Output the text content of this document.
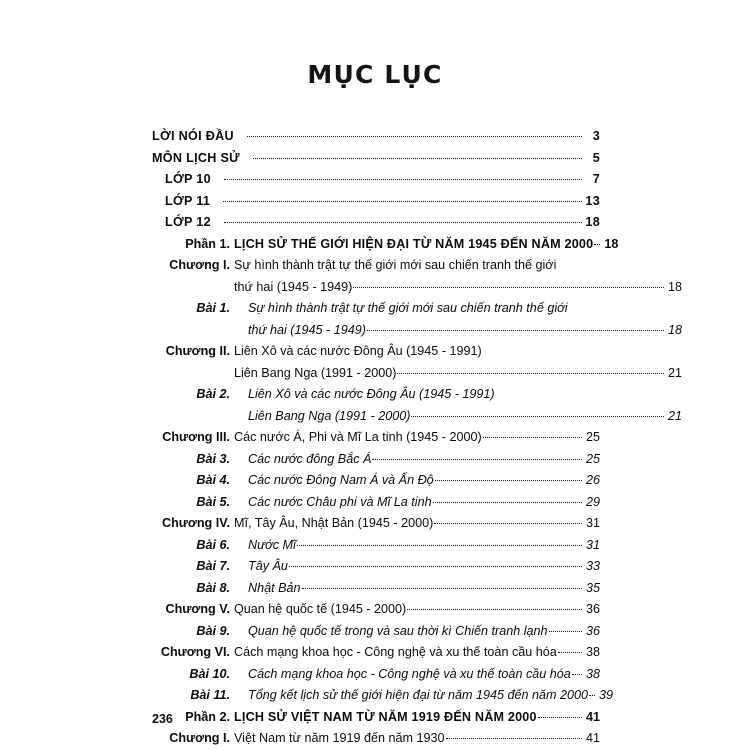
MỤC LỤC
LỜI NÓI ĐẦU	3
MÔN LỊCH SỬ	5
LỚP 10	7
LỚP 11	13
LỚP 12	18
Phần 1. LỊCH SỬ THẾ GIỚI HIỆN ĐẠI TỪ NĂM 1945 ĐẾN NĂM 2000 18
Chương I. Sự hình thành trật tự thế giới mới sau chiến tranh thế giới
thứ hai (1945 - 1949)	18
Bài 1.	Sự hình thành trật tự thế giới mới sau chiến tranh thế giới
thứ hai (1945 - 1949)	18
Chương II. Liên Xô và các nước Đông Âu (1945 - 1991)
Liên Bang Nga (1991 - 2000)	21
Bài 2.	Liên Xô và các nước Đông Âu (1945 - 1991)
Liên Bang Nga (1991 - 2000)	21
Chương III. Các nước Á, Phi và Mĩ La tinh (1945 - 2000)	25
Bài 3.	Các nước đông Bắc Á	25
Bài 4.	Các nước Đông Nam Á và Ấn Độ	26
Bài 5.	Các nước Châu phi và Mĩ La tinh	29
Chương IV. Mĩ, Tây Âu, Nhật Bản (1945 - 2000)	31
Bài 6.	Nước Mĩ	31
Bài 7.	Tây Âu	33
Bài 8.	Nhật Bản	35
Chương V. Quan hệ quốc tế (1945 - 2000)	36
Bài 9.	Quan hệ quốc tế trong và sau thời kì Chiến tranh lạnh	36
Chương VI. Cách mạng khoa học - Công nghệ và xu thế toàn cầu hóa 38
Bài 10.	Cách mạng khoa học - Công nghệ và xu thế toàn cầu hóa 38
Bài 11.	Tổng kết lịch sử thế giới hiện đại từ năm 1945 đến năm 2000 39
Phần 2. LỊCH SỬ VIỆT NAM TỪ NĂM 1919 ĐẾN NĂM 2000	41
Chương I. Việt Nam từ năm 1919 đến năm 1930	41
236
